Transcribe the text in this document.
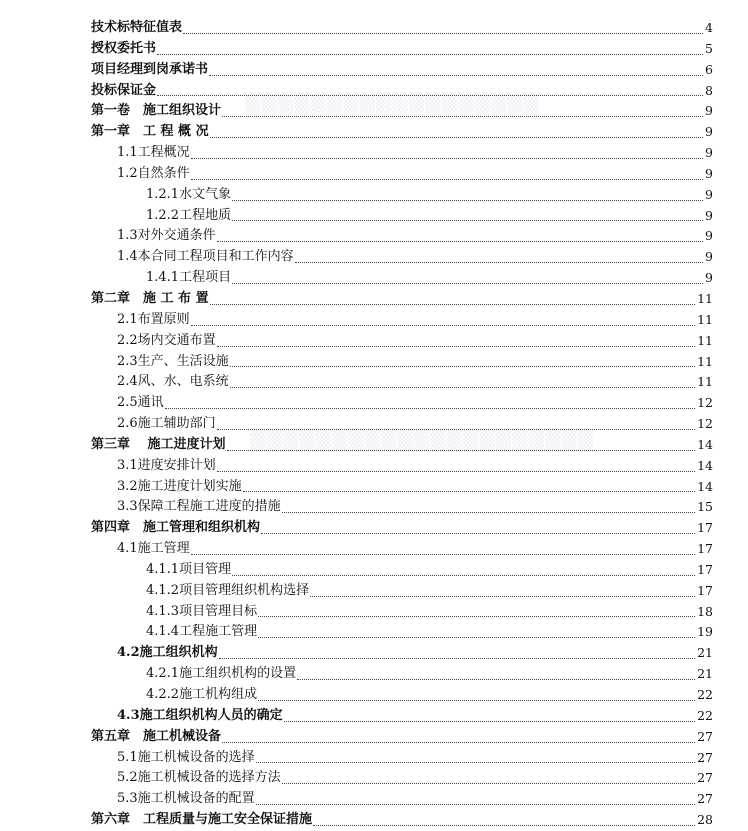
▒▒▒▒▒▒▒▒▒▒▒▒▒▒▒▒▒▒
▒▒▒▒▒▒▒▒▒▒▒▒▒▒▒▒▒▒▒▒▒
技术标特征值表	4
授权委托书	5
项目经理到岗承诺书	6
投标保证金	8
第一卷　施工组织设计	9
第一章　工 程 概 况	9
1.1工程概况	9
1.2自然条件	9
1.2.1水文气象	9
1.2.2工程地质	9
1.3对外交通条件	9
1.4本合同工程项目和工作内容	9
1.4.1工程项目	9
第二章　施 工 布 置	11
2.1布置原则	11
2.2场内交通布置	11
2.3生产、生活设施	11
2.4风、水、电系统	11
2.5通讯	12
2.6施工辅助部门	12
第三章　 施工进度计划	14
3.1进度安排计划	14
3.2施工进度计划实施	14
3.3保障工程施工进度的措施	15
第四章　施工管理和组织机构	17
4.1施工管理	17
4.1.1项目管理	17
4.1.2项目管理组织机构选择	17
4.1.3项目管理目标	18
4.1.4工程施工管理	19
4.2施工组织机构	21
4.2.1施工组织机构的设置	21
4.2.2施工机构组成	22
4.3施工组织机构人员的确定	22
第五章　施工机械设备	27
5.1施工机械设备的选择	27
5.2施工机械设备的选择方法	27
5.3施工机械设备的配置	27
第六章　工程质量与施工安全保证措施	28
